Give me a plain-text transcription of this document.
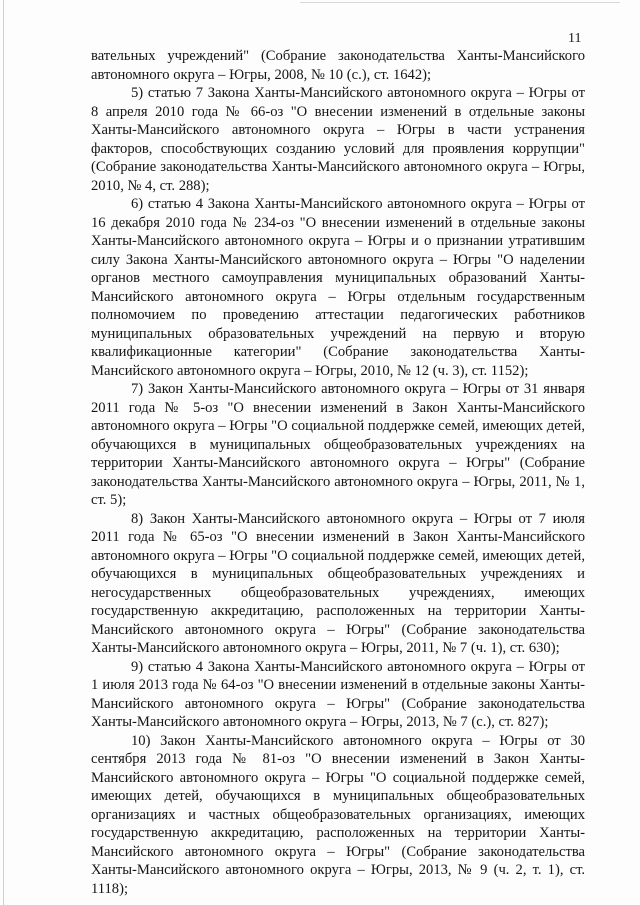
11

вательных учреждений" (Собрание законодательства Ханты-Мансийского автономного округа – Югры, 2008, № 10 (с.), ст. 1642);

5) статью 7 Закона Ханты-Мансийского автономного округа – Югры от 8 апреля 2010 года № 66-оз "О внесении изменений в отдельные законы Ханты-Мансийского автономного округа – Югры в части устранения факторов, способствующих созданию условий для проявления коррупции" (Собрание законодательства Ханты-Мансийского автономного округа – Югры, 2010, № 4, ст. 288);

6) статью 4 Закона Ханты-Мансийского автономного округа – Югры от 16 декабря 2010 года № 234-оз "О внесении изменений в отдельные законы Ханты-Мансийского автономного округа – Югры и о признании утратившим силу Закона Ханты-Мансийского автономного округа – Югры "О наделении органов местного самоуправления муниципальных образований Ханты-Мансийского автономного округа – Югры отдельным государственным полномочием по проведению аттестации педагогических работников муниципальных образовательных учреждений на первую и вторую квалификационные категории" (Собрание законодательства Ханты-Мансийского автономного округа – Югры, 2010, № 12 (ч. 3), ст. 1152);

7) Закон Ханты-Мансийского автономного округа – Югры от 31 января 2011 года № 5-оз "О внесении изменений в Закон Ханты-Мансийского автономного округа – Югры "О социальной поддержке семей, имеющих детей, обучающихся в муниципальных общеобразовательных учреждениях на территории Ханты-Мансийского автономного округа – Югры" (Собрание законодательства Ханты-Мансийского автономного округа – Югры, 2011, № 1, ст. 5);

8) Закон Ханты-Мансийского автономного округа – Югры от 7 июля 2011 года № 65-оз "О внесении изменений в Закон Ханты-Мансийского автономного округа – Югры "О социальной поддержке семей, имеющих детей, обучающихся в муниципальных общеобразовательных учреждениях и негосударственных общеобразовательных учреждениях, имеющих государственную аккредитацию, расположенных на территории Ханты-Мансийского автономного округа – Югры" (Собрание законодательства Ханты-Мансийского автономного округа – Югры, 2011, № 7 (ч. 1), ст. 630);

9) статью 4 Закона Ханты-Мансийского автономного округа – Югры от 1 июля 2013 года № 64-оз "О внесении изменений в отдельные законы Ханты-Мансийского автономного округа – Югры" (Собрание законодательства Ханты-Мансийского автономного округа – Югры, 2013, № 7 (с.), ст. 827);

10) Закон Ханты-Мансийского автономного округа – Югры от 30 сентября 2013 года № 81-оз "О внесении изменений в Закон Ханты-Мансийского автономного округа – Югры "О социальной поддержке семей, имеющих детей, обучающихся в муниципальных общеобразовательных организациях и частных общеобразовательных организациях, имеющих государственную аккредитацию, расположенных на территории Ханты-Мансийского автономного округа – Югры" (Собрание законодательства Ханты-Мансийского автономного округа – Югры, 2013, № 9 (ч. 2, т. 1), ст. 1118);
